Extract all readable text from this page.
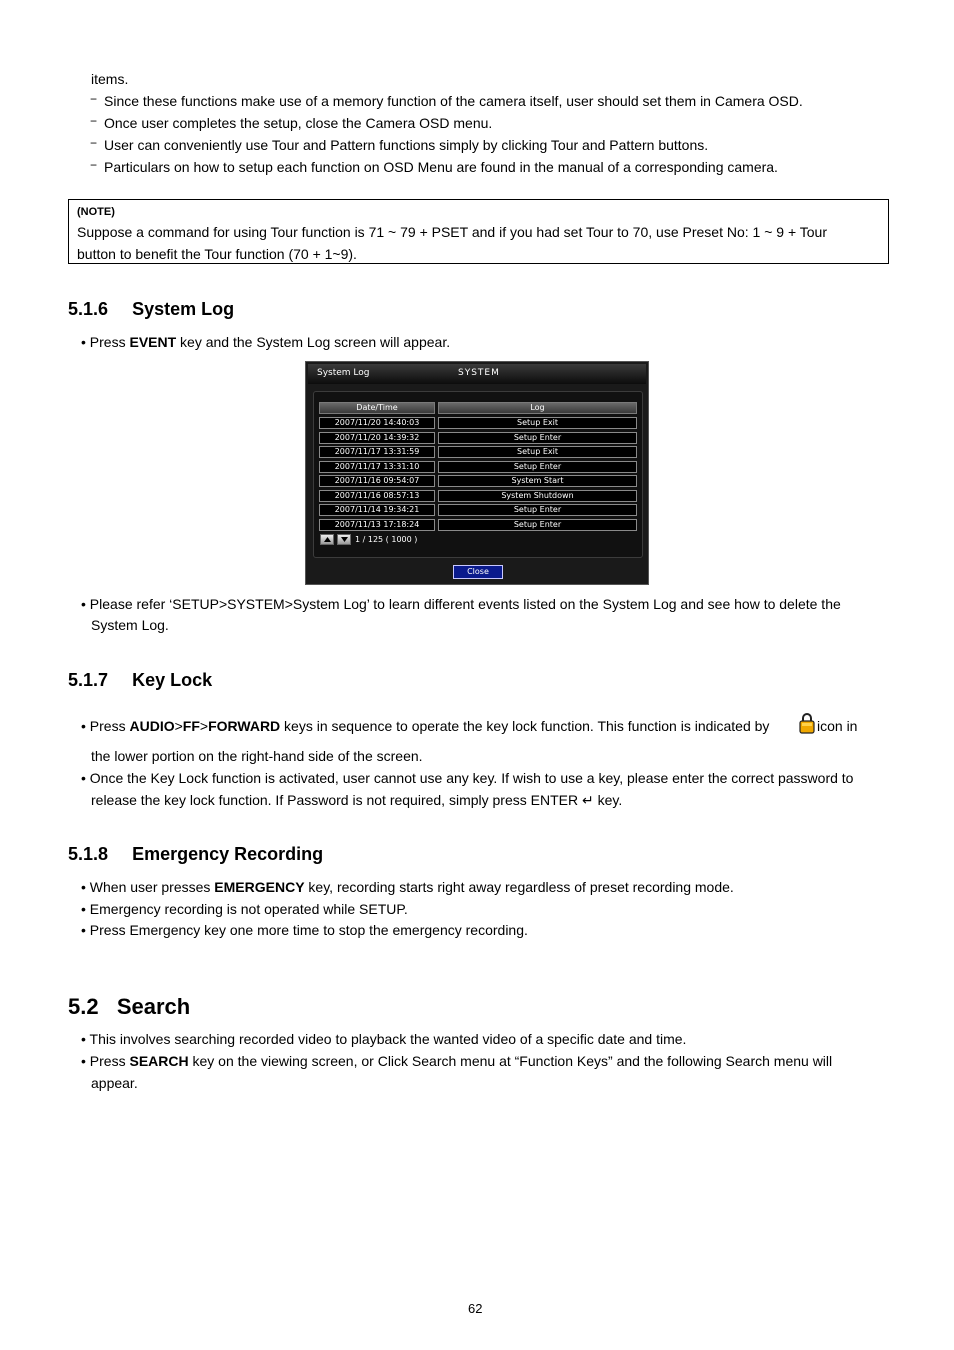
items.
− Since these functions make use of a memory function of the camera itself, user should set them in Camera OSD.
− Once user completes the setup, close the Camera OSD menu.
− User can conveniently use Tour and Pattern functions simply by clicking Tour and Pattern buttons.
− Particulars on how to setup each function on OSD Menu are found in the manual of a corresponding camera.
(NOTE)
Suppose a command for using Tour function is 71 ~ 79 + PSET and if you had set Tour to 70, use Preset No: 1 ~ 9 + Tour
button to benefit the Tour function (70 + 1~9).
5.1.6 System Log
• Press EVENT key and the System Log screen will appear.
System Log	SYSTEM
Date/Time	Log
2007/11/20 14:40:03	Setup Exit
2007/11/20 14:39:32	Setup Enter
2007/11/17 13:31:59	Setup Exit
2007/11/17 13:31:10	Setup Enter
2007/11/16 09:54:07	System Start
2007/11/16 08:57:13	System Shutdown
2007/11/14 19:34:21	Setup Enter
2007/11/13 17:18:24	Setup Enter
1 / 125 ( 1000 )
Close
• Please refer ‘SETUP>SYSTEM>System Log’ to learn different events listed on the System Log and see how to delete the
System Log.
5.1.7 Key Lock
• Press AUDIO>FF>FORWARD keys in sequence to operate the key lock function. This function is indicated by	icon in
the lower portion on the right-hand side of the screen.
• Once the Key Lock function is activated, user cannot use any key. If wish to use a key, please enter the correct password to
release the key lock function. If Password is not required, simply press ENTER ↵ key.
5.1.8 Emergency Recording
• When user presses EMERGENCY key, recording starts right away regardless of preset recording mode.
• Emergency recording is not operated while SETUP.
• Press Emergency key one more time to stop the emergency recording.
5.2 Search
• This involves searching recorded video to playback the wanted video of a specific date and time.
• Press SEARCH key on the viewing screen, or Click Search menu at “Function Keys” and the following Search menu will
appear.
62
